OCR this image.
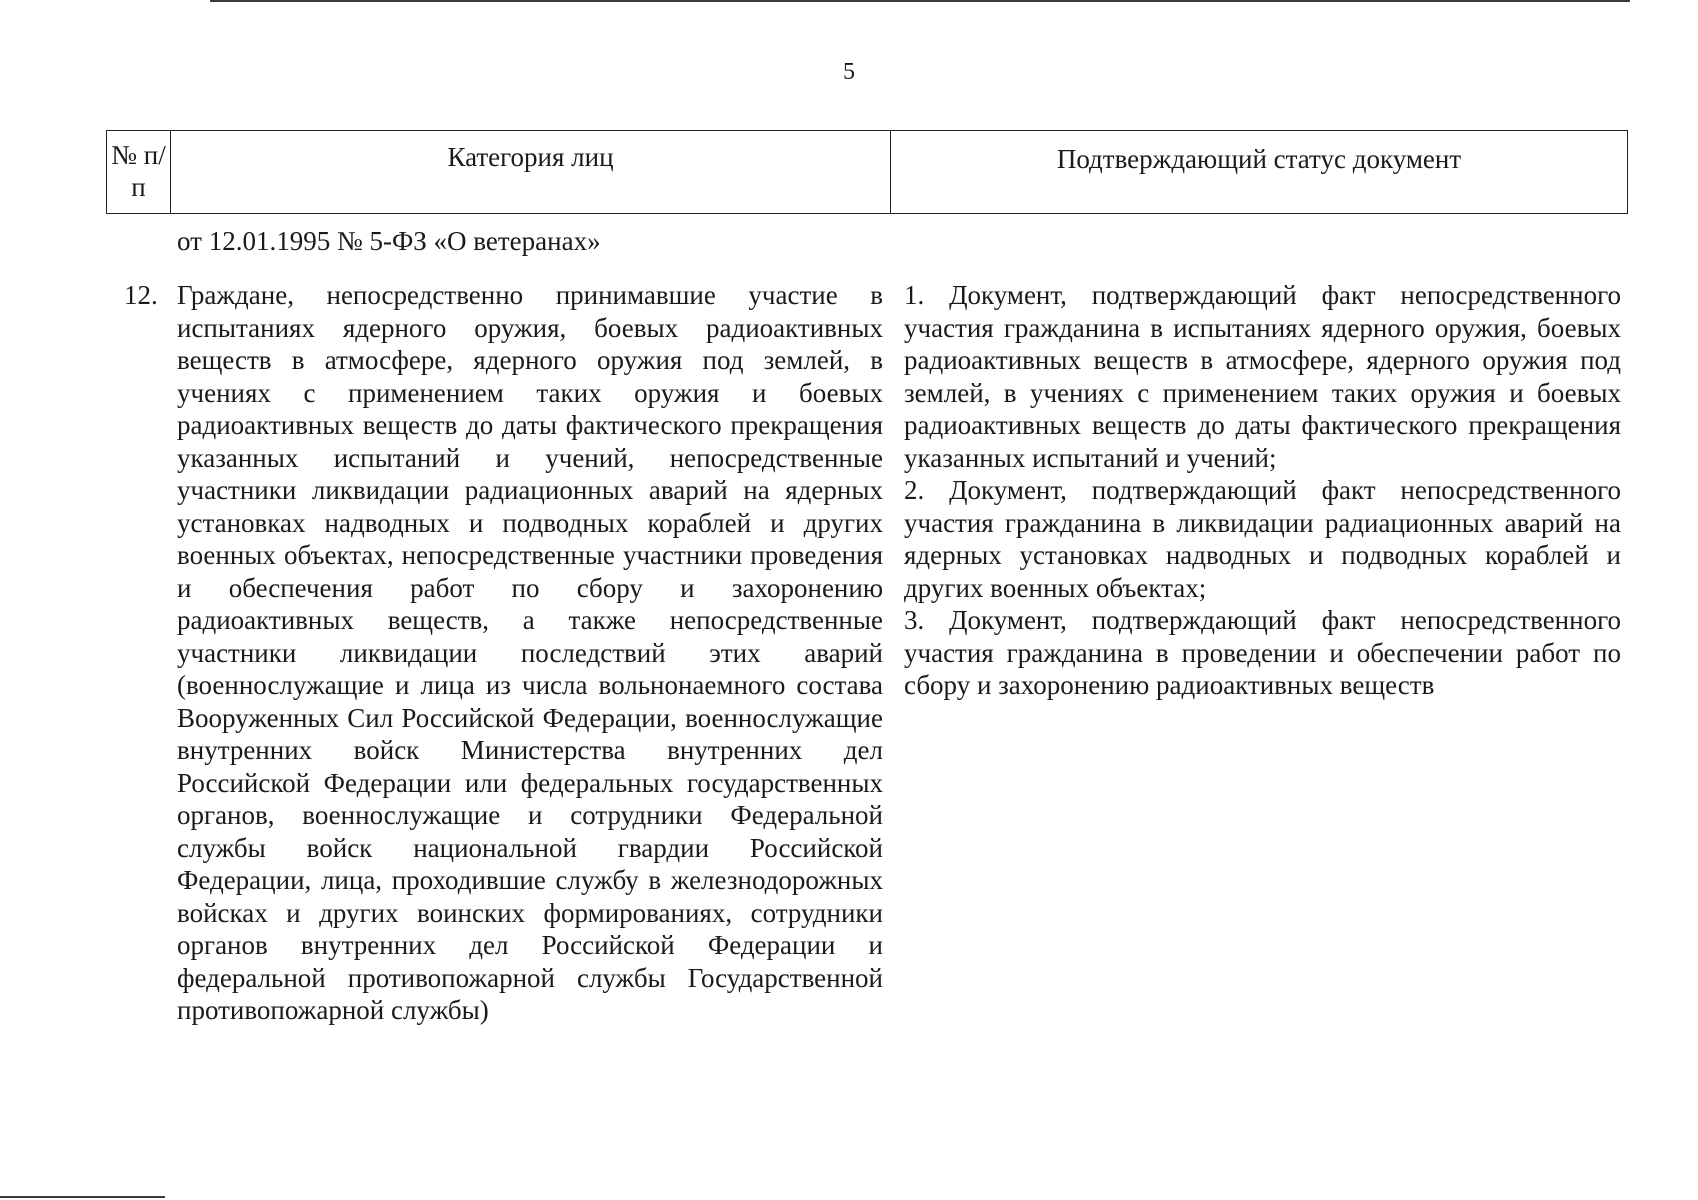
5
№ п/п
Категория лиц	Подтверждающий статус документ
от 12.01.1995 № 5-ФЗ «О ветеранах»
12. Граждане, непосредственно принимавшие участие в испытаниях ядерного оружия, боевых радиоактивных веществ в атмосфере, ядерного оружия под землей, в учениях с применением таких оружия и боевых радиоактивных веществ до даты фактического прекращения указанных испытаний и учений, непосредственные участники ликвидации радиационных аварий на ядерных установках надводных и подводных кораблей и других военных объектах, непосредственные участники проведения и обеспечения работ по сбору и захоронению радиоактивных веществ, а также непосредственные участники ликвидации последствий этих аварий (военнослужащие и лица из числа вольнонаемного состава Вооруженных Сил Российской Федерации, военнослужащие внутренних войск Министерства внутренних дел Российской Федерации или федеральных государственных органов, военнослужащие и сотрудники Федеральной службы войск национальной гвардии Российской Федерации, лица, проходившие службу в железнодорожных войсках и других воинских формированиях, сотрудники органов внутренних дел Российской Федерации и федеральной противопожарной службы Государственной противопожарной службы)

1. Документ, подтверждающий факт непосредственного участия гражданина в испытаниях ядерного оружия, боевых радиоактивных веществ в атмосфере, ядерного оружия под землей, в учениях с применением таких оружия и боевых радиоактивных веществ до даты фактического прекращения указанных испытаний и учений;

2. Документ, подтверждающий факт непосредственного участия гражданина в ликвидации радиационных аварий на ядерных установках надводных и подводных кораблей и других военных объектах;

3. Документ, подтверждающий факт непосредственного участия гражданина в проведении и обеспечении работ по сбору и захоронению радиоактивных веществ
